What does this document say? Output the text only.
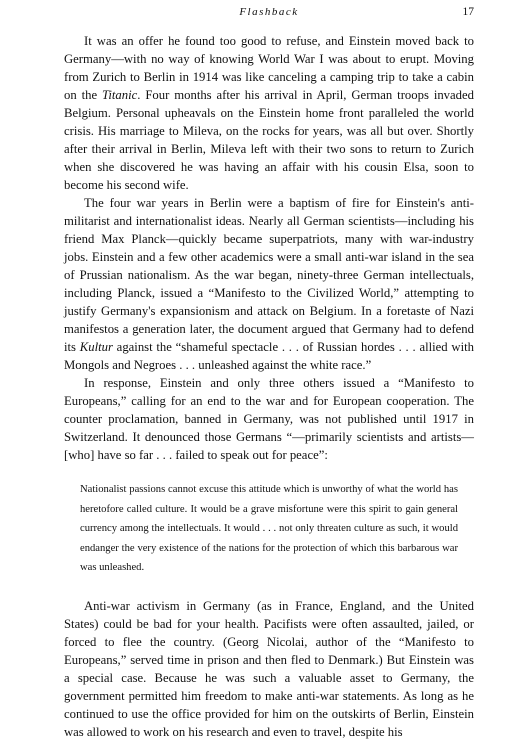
Flashback	17

It was an offer he found too good to refuse, and Einstein moved back to Germany—with no way of knowing World War I was about to erupt. Moving from Zurich to Berlin in 1914 was like canceling a camping trip to take a cabin on the Titanic. Four months after his arrival in April, German troops invaded Belgium. Personal upheavals on the Einstein home front paralleled the world crisis. His marriage to Mileva, on the rocks for years, was all but over. Shortly after their arrival in Berlin, Mileva left with their two sons to return to Zurich when she discovered he was having an affair with his cousin Elsa, soon to become his second wife.

The four war years in Berlin were a baptism of fire for Einstein's anti-militarist and internationalist ideas. Nearly all German scientists—including his friend Max Planck—quickly became superpatriots, many with war-industry jobs. Einstein and a few other academics were a small anti-war island in the sea of Prussian nationalism. As the war began, ninety-three German intellectuals, including Planck, issued a “Manifesto to the Civilized World,” attempting to justify Germany's expansionism and attack on Belgium. In a foretaste of Nazi manifestos a generation later, the document argued that Germany had to defend its Kultur against the “shameful spectacle . . . of Russian hordes . . . allied with Mongols and Negroes . . . unleashed against the white race.”

In response, Einstein and only three others issued a “Manifesto to Europeans,” calling for an end to the war and for European cooperation. The counter proclamation, banned in Germany, was not published until 1917 in Switzerland. It denounced those Germans “—primarily scientists and artists—[who] have so far . . . failed to speak out for peace”:

Nationalist passions cannot excuse this attitude which is unworthy of what the world has heretofore called culture. It would be a grave misfortune were this spirit to gain general currency among the intellectuals. It would . . . not only threaten culture as such, it would endanger the very existence of the nations for the protection of which this barbarous war was unleashed.

Anti-war activism in Germany (as in France, England, and the United States) could be bad for your health. Pacifists were often assaulted, jailed, or forced to flee the country. (Georg Nicolai, author of the “Manifesto to Europeans,” served time in prison and then fled to Denmark.) But Einstein was a special case. Because he was such a valuable asset to Germany, the government permitted him freedom to make anti-war statements. As long as he continued to use the office provided for him on the outskirts of Berlin, Einstein was allowed to work on his research and even to travel, despite his
